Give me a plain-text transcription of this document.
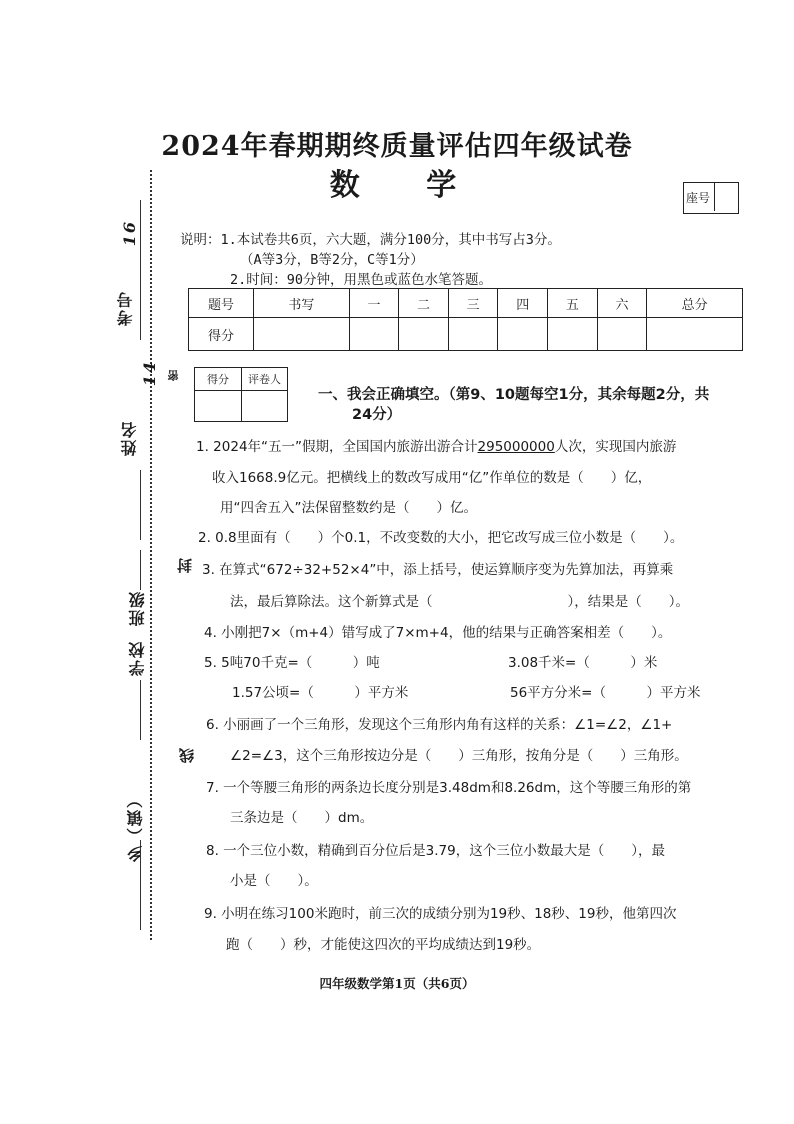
考号
16
姓名
14
班级
学校
乡（镇）
线
密
封
2024年春期期终质量评估四年级试卷
数 学	座号
说明：1.本试卷共6页，六大题，满分100分，其中书写占3分。
（A等3分，B等2分，C等1分）
2.时间：90分钟，用黑色或蓝色水笔答题。
题号	书写	一	二	三	四	五	六	总分
得分								
得分	评卷人

一、我会正确填空。（第9、10题每空1分，其余每题2分，共
24分）
1. 2024年“五一”假期，全国国内旅游出游合计295000000人次，实现国内旅游
收入1668.9亿元。把横线上的数改写成用“亿”作单位的数是（　　）亿，
用“四舍五入”法保留整数约是（　　）亿。
2. 0.8里面有（　　）个0.1，不改变数的大小，把它改写成三位小数是（　　）。
3. 在算式“672÷32+52×4”中，添上括号，使运算顺序变为先算加法，再算乘
法，最后算除法。这个新算式是（　　　　　　　　　　），结果是（　　）。
4. 小刚把7×（m+4）错写成了7×m+4，他的结果与正确答案相差（　　）。
5. 5吨70千克=（　　　）吨	3.08千米=（　　　）米
1.57公顷=（　　　）平方米	56平方分米=（　　　）平方米
6. 小丽画了一个三角形，发现这个三角形内角有这样的关系：∠1=∠2，∠1+
∠2=∠3，这个三角形按边分是（　　）三角形，按角分是（　　）三角形。
7. 一个等腰三角形的两条边长度分别是3.48dm和8.26dm，这个等腰三角形的第
三条边是（　　）dm。
8. 一个三位小数，精确到百分位后是3.79，这个三位小数最大是（　　），最
小是（　　）。
9. 小明在练习100米跑时，前三次的成绩分别为19秒、18秒、19秒，他第四次
跑（　　）秒，才能使这四次的平均成绩达到19秒。
四年级数学第1页（共6页）
